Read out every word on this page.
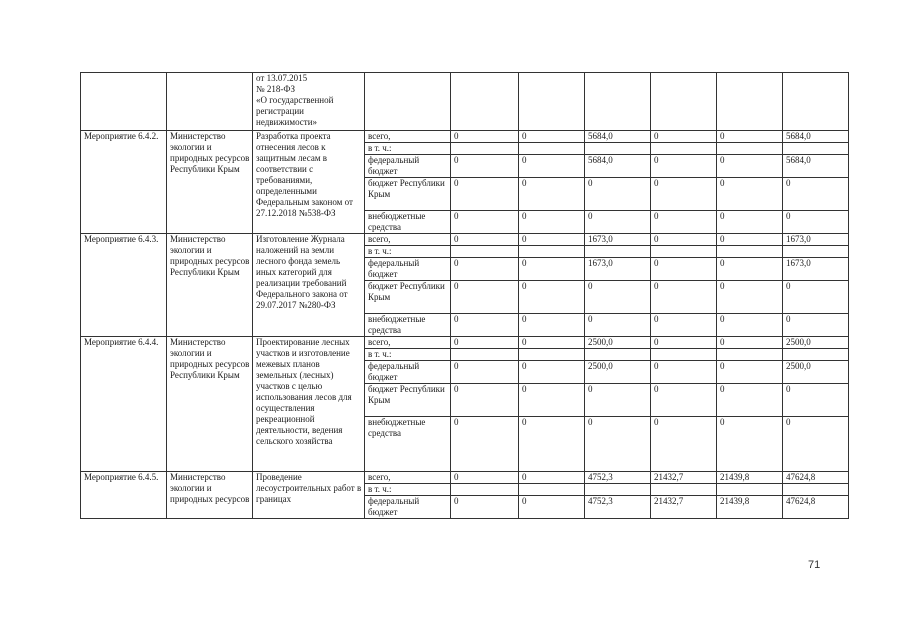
		от 13.07.2015
№ 218-ФЗ
«О государственной регистрации недвижимости»							
Мероприятие 6.4.2.	Министерство экологии и природных ресурсов Республики Крым	Разработка проекта отнесения лесов к защитным лесам в соответствии с требованиями, определенными Федеральным законом от 27.12.2018 №538-ФЗ	всего,	0	0	5684,0	0	0	5684,0
			в т. ч.:						
			федеральный бюджет	0	0	5684,0	0	0	5684,0
			бюджет Республики Крым	0	0	0	0	0	0
			внебюджетные средства	0	0	0	0	0	0
Мероприятие 6.4.3.	Министерство экологии и природных ресурсов Республики Крым	Изготовление Журнала наложений на земли лесного фонда земель иных категорий для реализации требований Федерального закона от 29.07.2017 №280-ФЗ	всего,	0	0	1673,0	0	0	1673,0
			в т. ч.:						
			федеральный бюджет	0	0	1673,0	0	0	1673,0
			бюджет Республики Крым	0	0	0	0	0	0
			внебюджетные средства	0	0	0	0	0	0
Мероприятие 6.4.4.	Министерство экологии и природных ресурсов Республики Крым	Проектирование лесных участков и изготовление межевых планов земельных (лесных) участков с целью использования лесов для осуществления рекреационной деятельности, ведения сельского хозяйства	всего,	0	0	2500,0	0	0	2500,0
			в т. ч.:						
			федеральный бюджет	0	0	2500,0	0	0	2500,0
			бюджет Республики Крым	0	0	0	0	0	0
			внебюджетные средства	0	0	0	0	0	0
Мероприятие 6.4.5.	Министерство экологии и природных ресурсов	Проведение лесоустроительных работ в границах	всего,	0	0	4752,3	21432,7	21439,8	47624,8
			в т. ч.:						
			федеральный бюджет	0	0	4752,3	21432,7	21439,8	47624,8
71
